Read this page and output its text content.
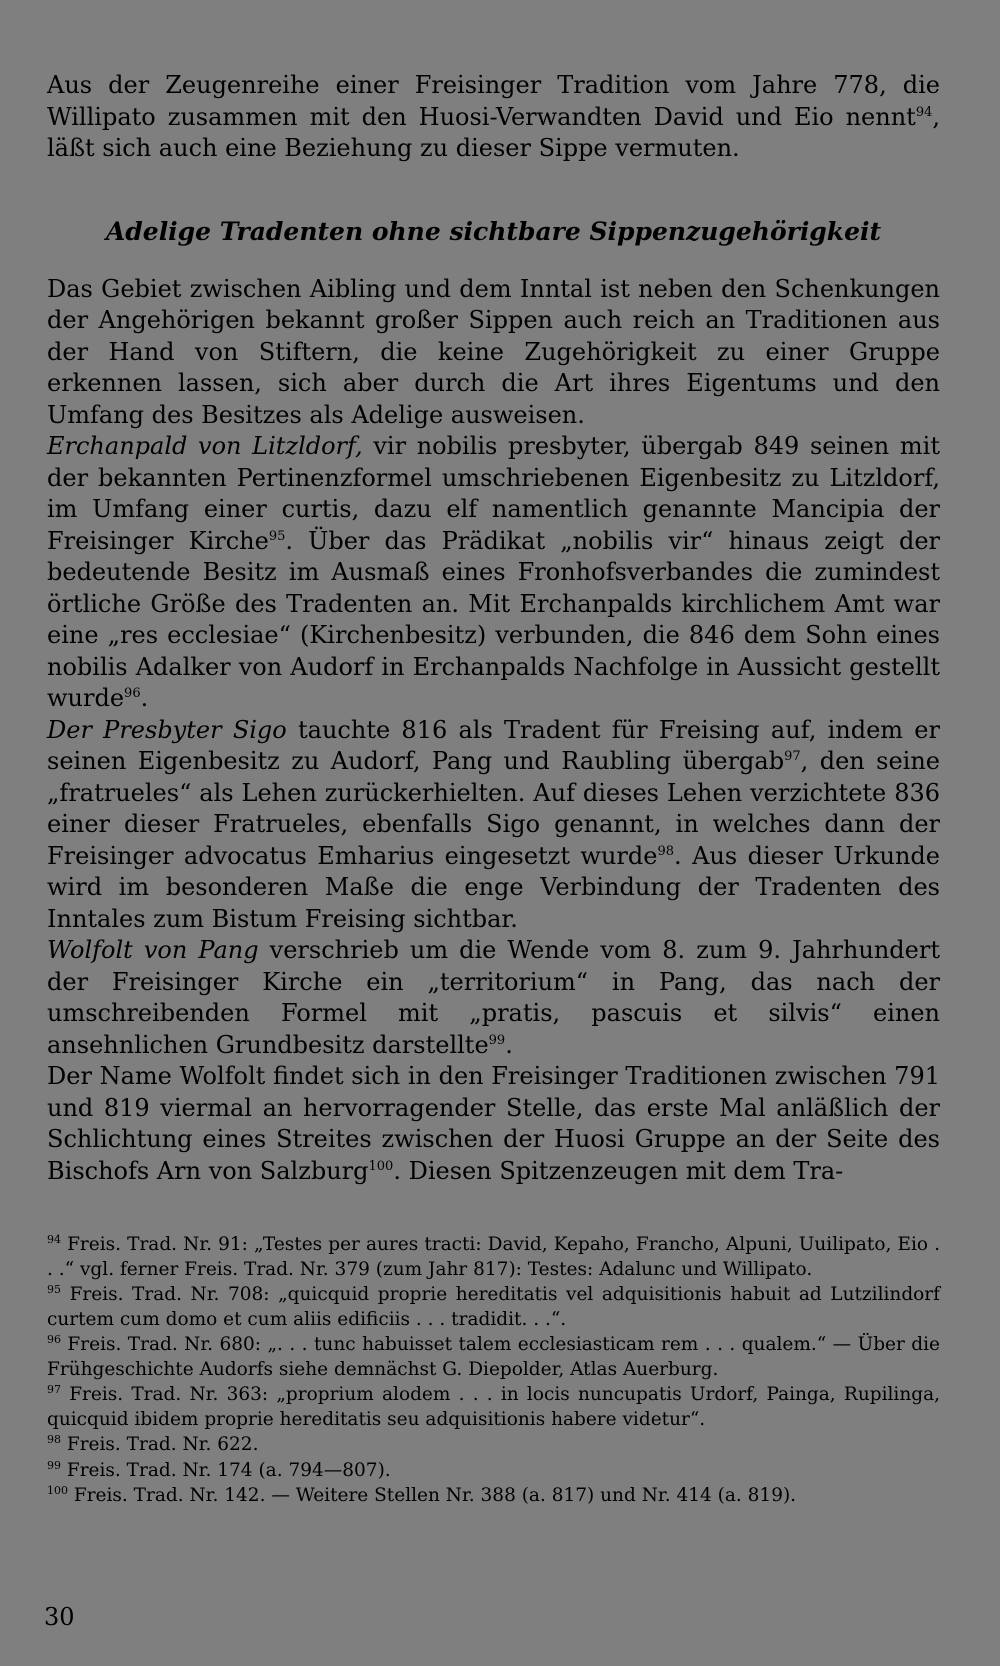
Aus der Zeugenreihe einer Freisinger Tradition vom Jahre 778, die Willipato zusammen mit den Huosi-Verwandten David und Eio nennt$^{94}$, läßt sich auch eine Beziehung zu dieser Sippe vermuten.

Adelige Tradenten ohne sichtbare Sippenzugehörigkeit

Das Gebiet zwischen Aibling und dem Inntal ist neben den Schenkungen der Angehörigen bekannt großer Sippen auch reich an Traditionen aus der Hand von Stiftern, die keine Zugehörigkeit zu einer Gruppe erkennen lassen, sich aber durch die Art ihres Eigentums und den Umfang des Besitzes als Adelige ausweisen.

Erchanpald von Litzldorf, vir nobilis presbyter, übergab 849 seinen mit der bekannten Pertinenzformel umschriebenen Eigenbesitz zu Litzldorf, im Umfang einer curtis, dazu elf namentlich genannte Mancipia der Freisinger Kirche$^{95}$. Über das Prädikat „nobilis vir“ hinaus zeigt der bedeutende Besitz im Ausmaß eines Fronhofsverbandes die zumindest örtliche Größe des Tradenten an. Mit Erchanpalds kirchlichem Amt war eine „res ecclesiae“ (Kirchenbesitz) verbunden, die 846 dem Sohn eines nobilis Adalker von Audorf in Erchanpalds Nachfolge in Aussicht gestellt wurde$^{96}$.

Der Presbyter Sigo tauchte 816 als Tradent für Freising auf, indem er seinen Eigenbesitz zu Audorf, Pang und Raubling übergab$^{97}$, den seine „fratrueles“ als Lehen zurückerhielten. Auf dieses Lehen verzichtete 836 einer dieser Fratrueles, ebenfalls Sigo genannt, in welches dann der Freisinger advocatus Emharius eingesetzt wurde$^{98}$. Aus dieser Urkunde wird im besonderen Maße die enge Verbindung der Tradenten des Inntales zum Bistum Freising sichtbar.

Wolfolt von Pang verschrieb um die Wende vom 8. zum 9. Jahrhundert der Freisinger Kirche ein „territorium“ in Pang, das nach der umschreibenden Formel mit „pratis, pascuis et silvis“ einen ansehnlichen Grundbesitz darstellte$^{99}$.

Der Name Wolfolt findet sich in den Freisinger Traditionen zwischen 791 und 819 viermal an hervorragender Stelle, das erste Mal anläßlich der Schlichtung eines Streites zwischen der Huosi Gruppe an der Seite des Bischofs Arn von Salzburg$^{100}$. Diesen Spitzenzeugen mit dem Tra-

$^{94}$ Freis. Trad. Nr. 91: „Testes per aures tracti: David, Kepaho, Francho, Alpuni, Uuilipato, Eio . . .“ vgl. ferner Freis. Trad. Nr. 379 (zum Jahr 817): Testes: Adalunc und Willipato.

$^{95}$ Freis. Trad. Nr. 708: „quicquid proprie hereditatis vel adquisitionis habuit ad Lutzilindorf curtem cum domo et cum aliis edificiis . . . tradidit. . .“.

$^{96}$ Freis. Trad. Nr. 680: „. . . tunc habuisset talem ecclesiasticam rem . . . qualem.“ — Über die Frühgeschichte Audorfs siehe demnächst G. Diepolder, Atlas Auerburg.

$^{97}$ Freis. Trad. Nr. 363: „proprium alodem . . . in locis nuncupatis Urdorf, Painga, Rupilinga, quicquid ibidem proprie hereditatis seu adquisitionis habere videtur“.

$^{98}$ Freis. Trad. Nr. 622.

$^{99}$ Freis. Trad. Nr. 174 (a. 794—807).

$^{100}$ Freis. Trad. Nr. 142. — Weitere Stellen Nr. 388 (a. 817) und Nr. 414 (a. 819).

30
